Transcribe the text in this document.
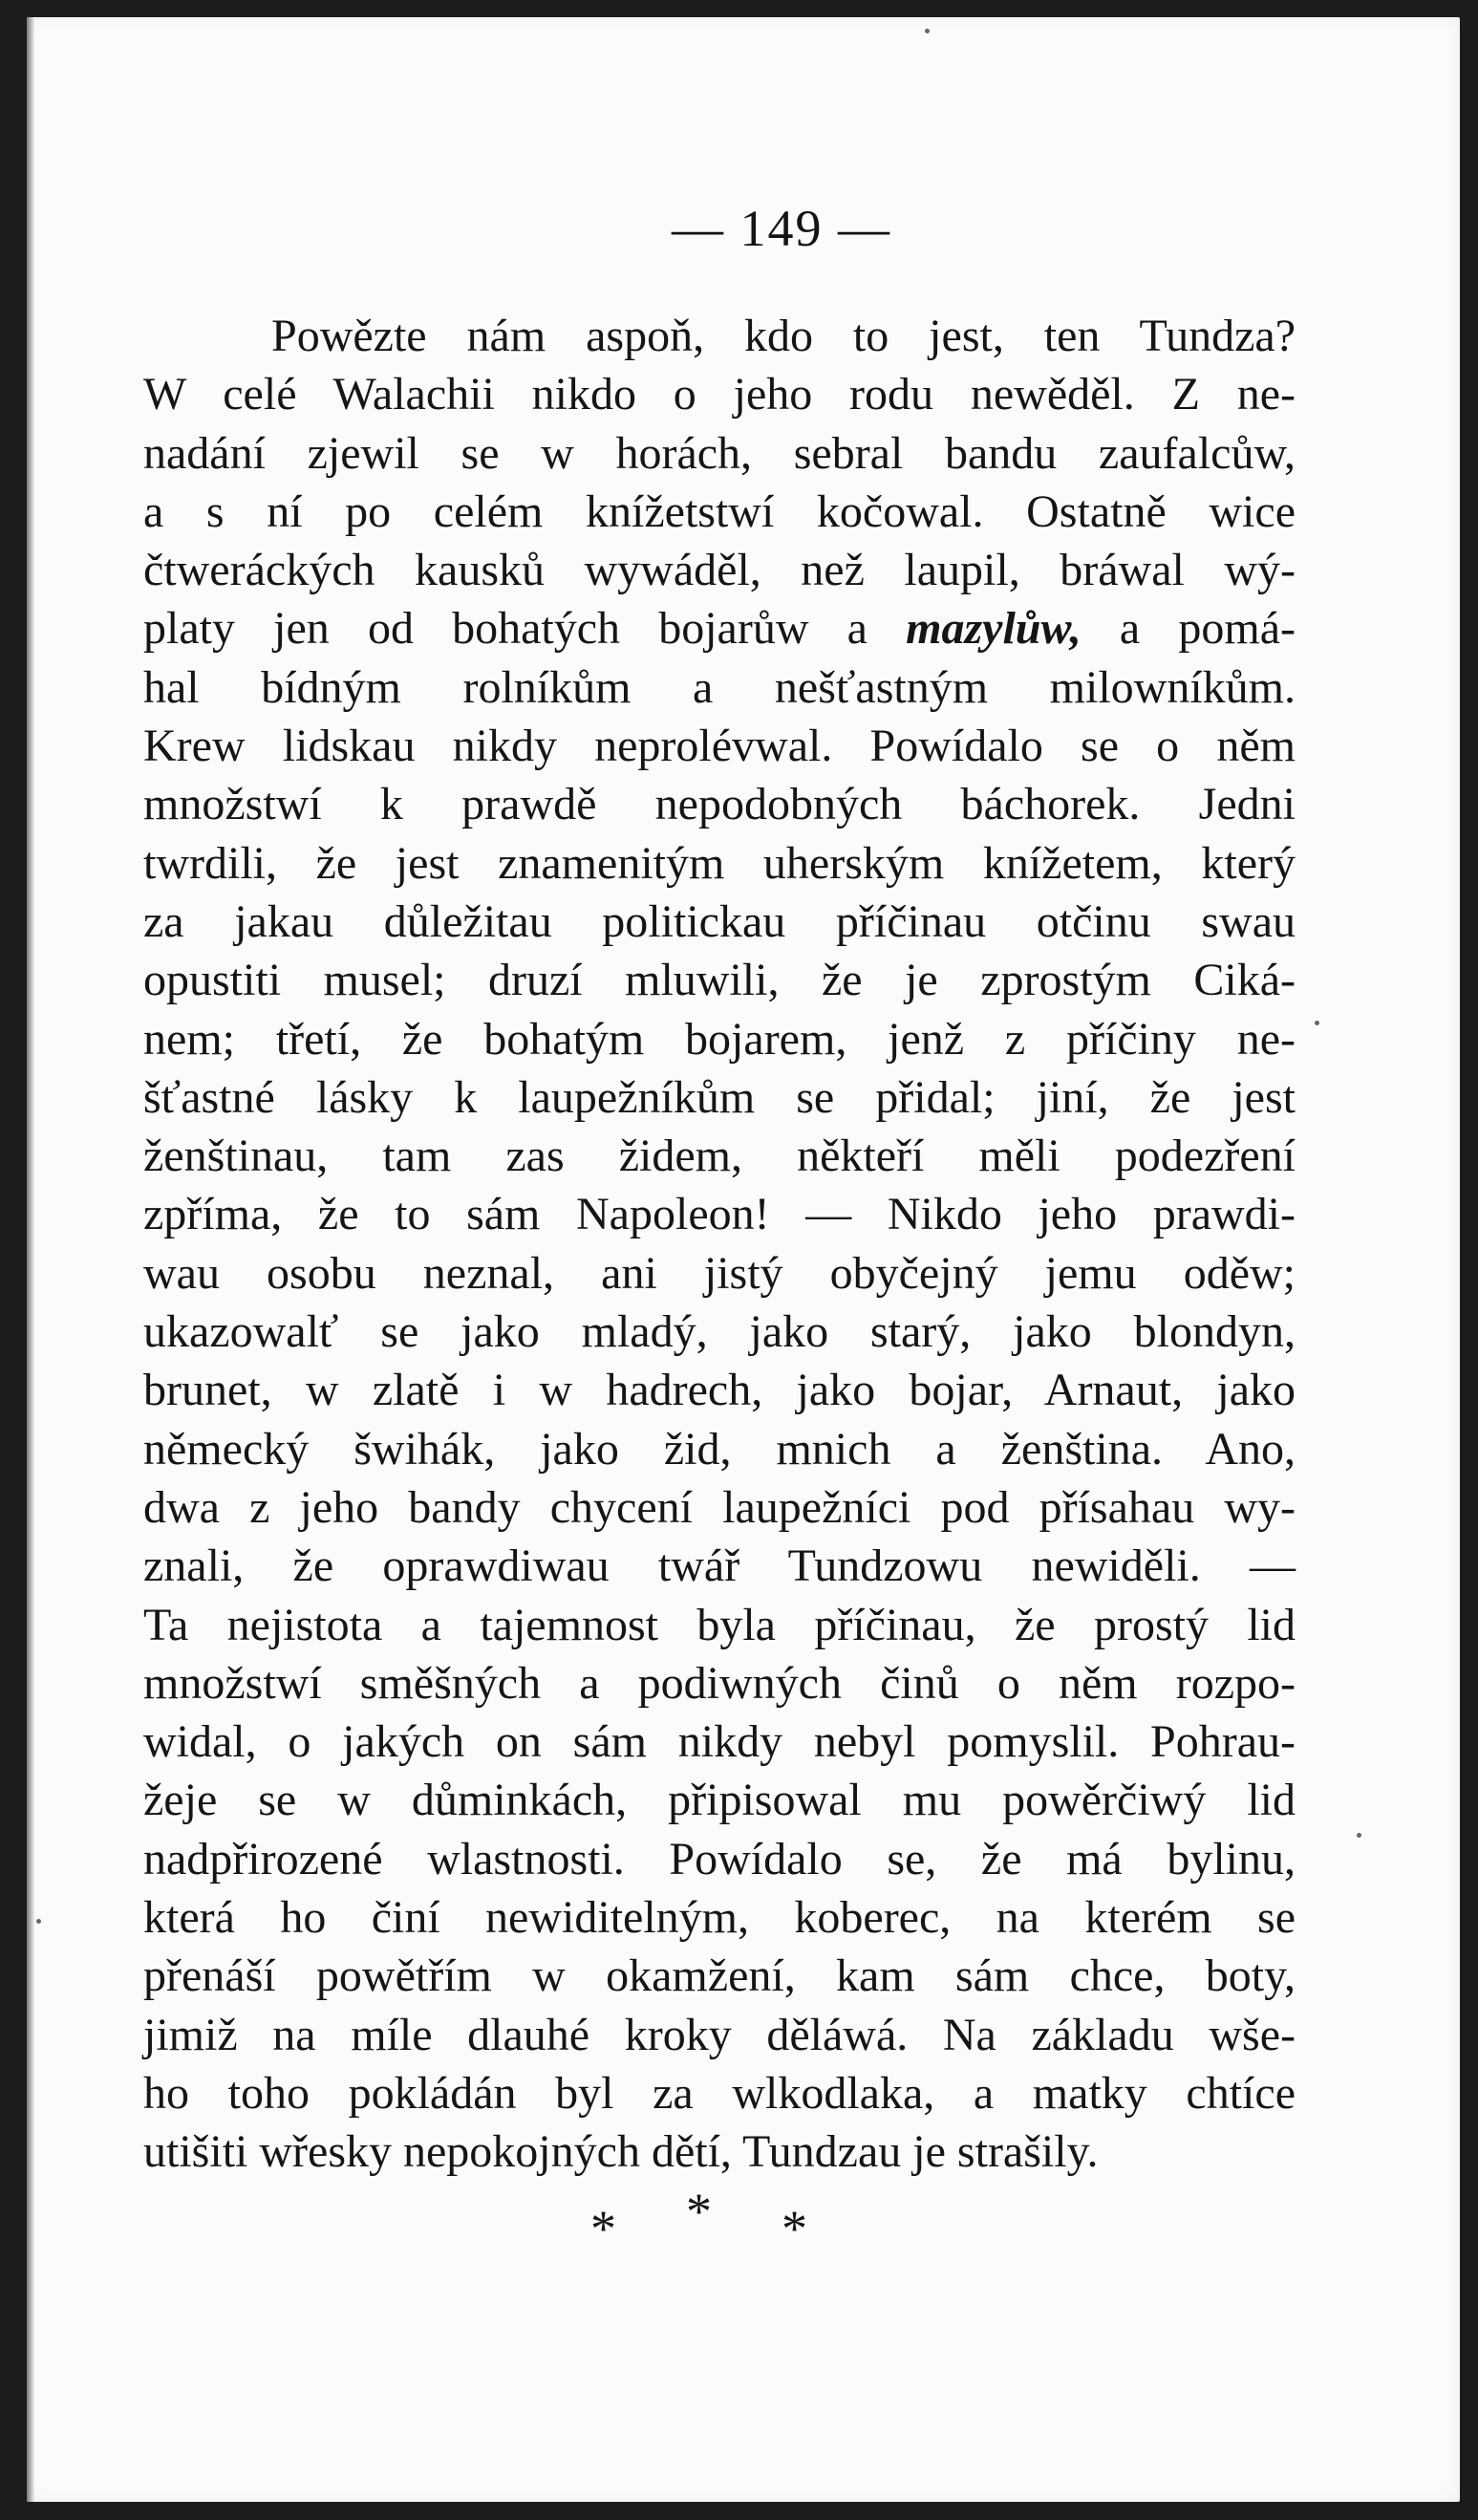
— 149 —
Powězte nám aspoň, kdo to jest, ten Tundza?
W celé Walachii nikdo o jeho rodu newěděl. Z ne-
nadání zjewil se w horách, sebral bandu zaufalcůw,
a s ní po celém knížetstwí kočowal. Ostatně wice
čtweráckých kausků wywáděl, než laupil, bráwal wý-
platy jen od bohatých bojarůw a mazylůw, a pomá-
hal bídným rolníkům a nešťastným milowníkům.
Krew lidskau nikdy neprolévwal. Powídalo se o něm
množstwí k prawdě nepodobných báchorek. Jedni
twrdili, že jest znamenitým uherským knížetem, který
za jakau důležitau politickau příčinau otčinu swau
opustiti musel; druzí mluwili, že je zprostým Ciká-
nem; třetí, že bohatým bojarem, jenž z příčiny ne-
šťastné lásky k laupežníkům se přidal; jiní, že jest
ženštinau, tam zas židem, někteří měli podezření
zpříma, že to sám Napoleon! — Nikdo jeho prawdi-
wau osobu neznal, ani jistý obyčejný jemu oděw;
ukazowalť se jako mladý, jako starý, jako blondyn,
brunet, w zlatě i w hadrech, jako bojar, Arnaut, jako
německý šwihák, jako žid, mnich a ženština. Ano,
dwa z jeho bandy chycení laupežníci pod přísahau wy-
znali, že oprawdiwau twář Tundzowu newiděli. —
Ta nejistota a tajemnost byla příčinau, že prostý lid
množstwí směšných a podiwných činů o něm rozpo-
widal, o jakých on sám nikdy nebyl pomyslil. Pohrau-
žeje se w důminkách, připisowal mu powěrčiwý lid
nadpřirozené wlastnosti. Powídalo se, že má bylinu,
která ho činí newiditelným, koberec, na kterém se
přenáší powětřím w okamžení, kam sám chce, boty,
jimiž na míle dlauhé kroky děláwá. Na základu wše-
ho toho pokládán byl za wlkodlaka, a matky chtíce
utišiti wřesky nepokojných dětí, Tundzau je strašily.
* * *
